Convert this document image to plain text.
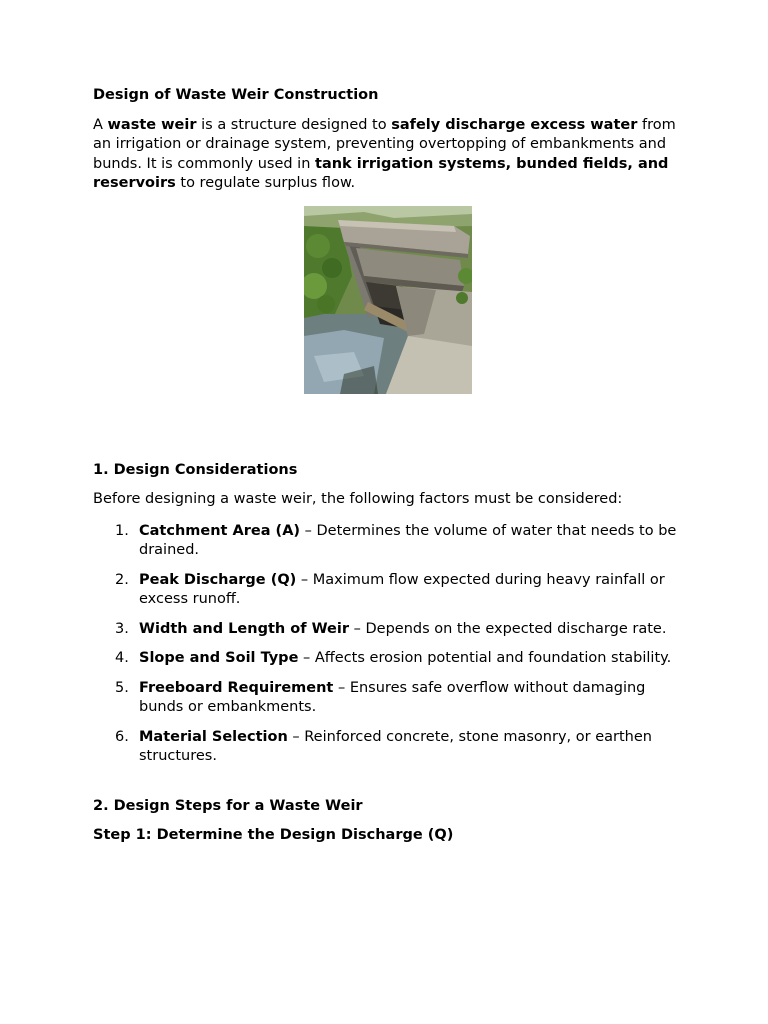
Design of Waste Weir Construction

A waste weir is a structure designed to safely discharge excess water from an irrigation or drainage system, preventing overtopping of embankments and bunds. It is commonly used in tank irrigation systems, bunded fields, and reservoirs to regulate surplus flow.

1. Design Considerations

Before designing a waste weir, the following factors must be considered:

1. Catchment Area (A) – Determines the volume of water that needs to be drained.
2. Peak Discharge (Q) – Maximum flow expected during heavy rainfall or excess runoff.
3. Width and Length of Weir – Depends on the expected discharge rate.
4. Slope and Soil Type – Affects erosion potential and foundation stability.
5. Freeboard Requirement – Ensures safe overflow without damaging bunds or embankments.
6. Material Selection – Reinforced concrete, stone masonry, or earthen structures.
2. Design Steps for a Waste Weir
Step 1: Determine the Design Discharge (Q)
